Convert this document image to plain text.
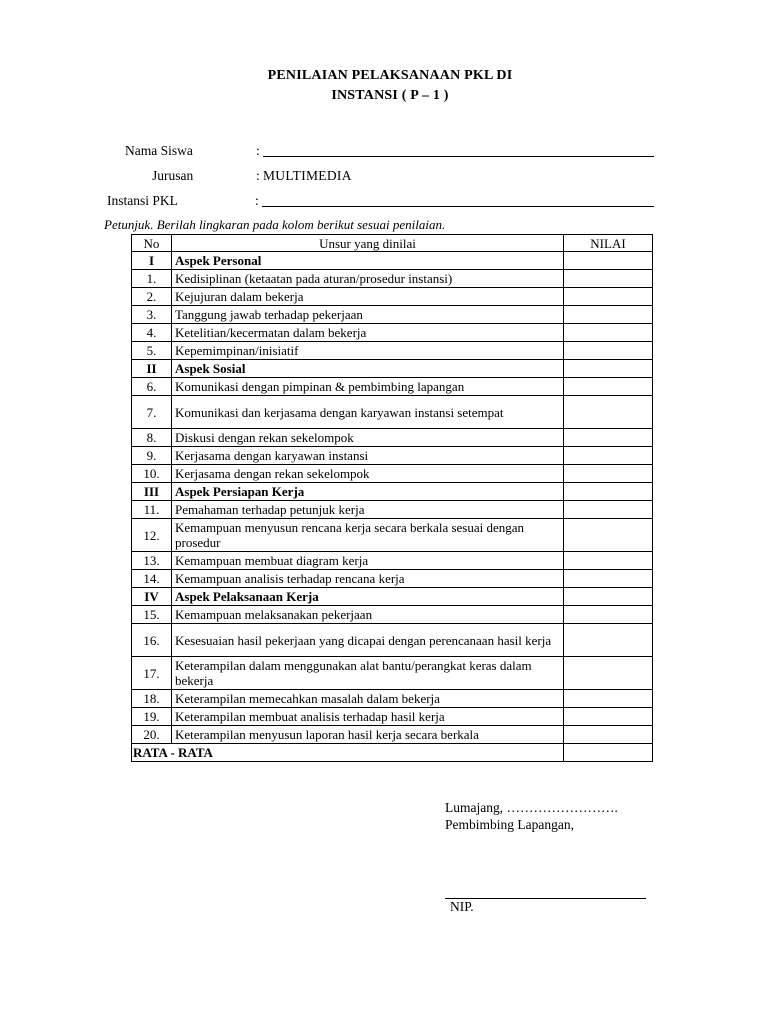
PENILAIAN PELAKSANAAN PKL DI
INSTANSI ( P – 1 )
Nama Siswa	:
Jurusan	: MULTIMEDIA
Instansi PKL	:
Petunjuk. Berilah lingkaran pada kolom berikut sesuai penilaian.
No	Unsur yang dinilai	NILAI
I	Aspek Personal	
1.	Kedisiplinan (ketaatan pada aturan/prosedur instansi)	
2.	Kejujuran dalam bekerja	
3.	Tanggung jawab terhadap pekerjaan	
4.	Ketelitian/kecermatan dalam bekerja	
5.	Kepemimpinan/inisiatif	
II	Aspek Sosial	
6.	Komunikasi dengan pimpinan & pembimbing lapangan	
7.	Komunikasi dan kerjasama dengan karyawan instansi setempat	
8.	Diskusi dengan rekan sekelompok	
9.	Kerjasama dengan karyawan instansi	
10.	Kerjasama dengan rekan sekelompok	
III	Aspek Persiapan Kerja	
11.	Pemahaman terhadap petunjuk kerja	
12.	Kemampuan menyusun rencana kerja secara berkala sesuai dengan prosedur	
13.	Kemampuan membuat diagram kerja	
14.	Kemampuan analisis terhadap rencana kerja	
IV	Aspek Pelaksanaan Kerja	
15.	Kemampuan melaksanakan pekerjaan	
16.	Kesesuaian hasil pekerjaan yang dicapai dengan perencanaan hasil kerja	
17.	Keterampilan dalam menggunakan alat bantu/perangkat keras dalam bekerja	
18.	Keterampilan memecahkan masalah dalam bekerja	
19.	Keterampilan membuat analisis terhadap hasil kerja	
20.	Keterampilan menyusun laporan hasil kerja secara berkala	
RATA - RATA		
Lumajang, …………………….
Pembimbing Lapangan,
NIP.
